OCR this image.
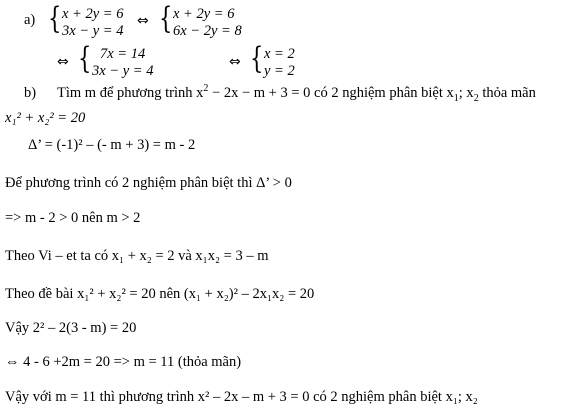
a) { x + 2y = 6
3x − y = 4
⇔ { x + 2y = 6
6x − 2y = 8
⇔ { 7x = 14
3x − y = 4
⇔ { x = 2
y = 2
b) Tìm m để phương trình $x^2 - 2x - m + 3 = 0$ có 2 nghiệm phân biệt $x_1$; $x_2$ thỏa mãn
x₁² + x₂² = 20
Δ’ = (-1)² – (- m + 3) = m - 2
Để phương trình có 2 nghiệm phân biệt thì Δ’ > 0
=> m - 2 > 0 nên m > 2
Theo Vi – et ta có x₁ + x₂ = 2 và x₁x₂ = 3 – m
Theo đề bài x₁² + x₂² = 20 nên (x₁ + x₂)² – 2x₁x₂ = 20
Vậy 2² – 2(3 - m) = 20
⇔ 4 - 6 +2m = 20 => m = 11 (thỏa mãn)
Vậy với m = 11 thì phương trình x² – 2x – m + 3 = 0 có 2 nghiệm phân biệt x₁; x₂
